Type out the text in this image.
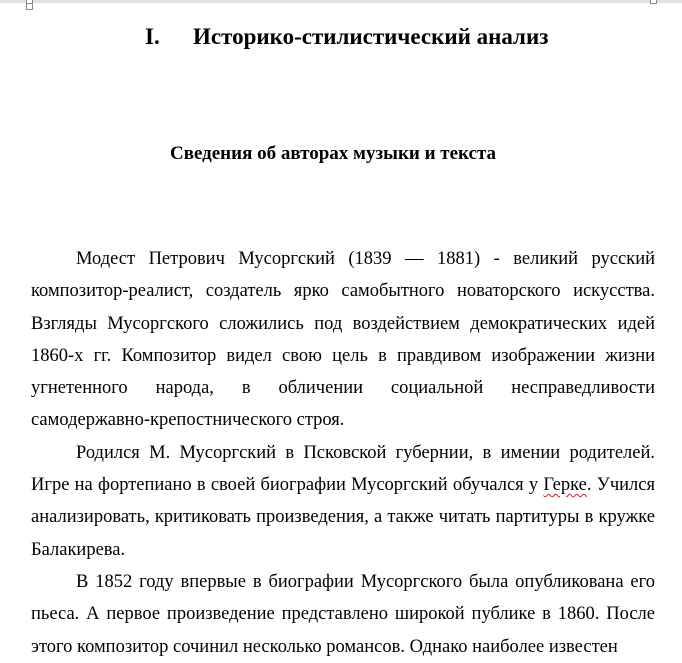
I. Историко-стилистический анализ
Сведения об авторах музыки и текста

Модест Петрович Мусоргский (1839 — 1881) - великий русский композитор-реалист, создатель ярко самобытного новаторского искусства. Взгляды Мусоргского сложились под воздействием демократических идей 1860-х гг. Композитор видел свою цель в правдивом изображении жизни угнетенного народа, в обличении социальной несправедливости самодержавно-крепостнического строя.

Родился М. Мусоргский в Псковской губернии, в имении родителей. Игре на фортепиано в своей биографии Мусоргский обучался у Герке. Учился анализировать, критиковать произведения, а также читать партитуры в кружке Балакирева.

В 1852 году впервые в биографии Мусоргского была опубликована его пьеса. А первое произведение представлено широкой публике в 1860. После этого композитор сочинил несколько романсов. Однако наиболее известен
